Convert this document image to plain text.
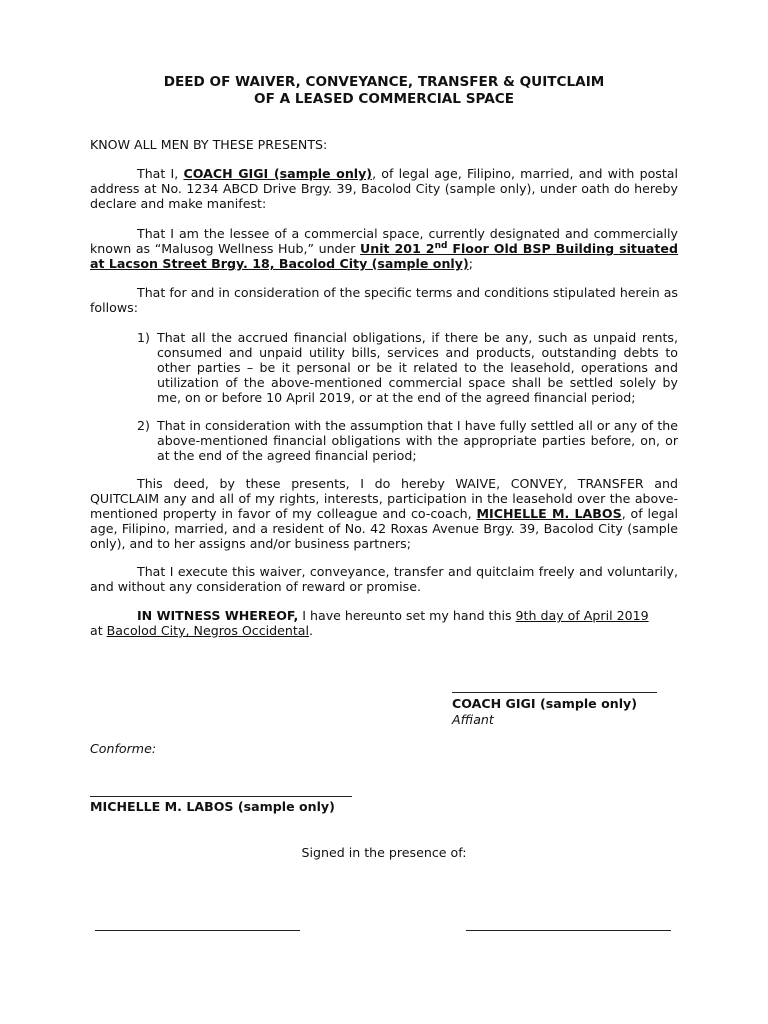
DEED OF WAIVER, CONVEYANCE, TRANSFER & QUITCLAIM
OF A LEASED COMMERCIAL SPACE
KNOW ALL MEN BY THESE PRESENTS:
That I, COACH GIGI (sample only), of legal age, Filipino, married, and with postal address at No. 1234 ABCD Drive Brgy. 39, Bacolod City (sample only), under oath do hereby declare and make manifest:
That I am the lessee of a commercial space, currently designated and commercially known as “Malusog Wellness Hub,” under Unit 201 2nd Floor Old BSP Building situated at Lacson Street Brgy. 18, Bacolod City (sample only);
That for and in consideration of the specific terms and conditions stipulated herein as follows:
1) That all the accrued financial obligations, if there be any, such as unpaid rents, consumed and unpaid utility bills, services and products, outstanding debts to other parties – be it personal or be it related to the leasehold, operations and utilization of the above-mentioned commercial space shall be settled solely by me, on or before 10 April 2019, or at the end of the agreed financial period;
2) That in consideration with the assumption that I have fully settled all or any of the above-mentioned financial obligations with the appropriate parties before, on, or at the end of the agreed financial period;
This deed, by these presents, I do hereby WAIVE, CONVEY, TRANSFER and QUITCLAIM any and all of my rights, interests, participation in the leasehold over the above-mentioned property in favor of my colleague and co-coach, MICHELLE M. LABOS, of legal age, Filipino, married, and a resident of No. 42 Roxas Avenue Brgy. 39, Bacolod City (sample only), and to her assigns and/or business partners;
That I execute this waiver, conveyance, transfer and quitclaim freely and voluntarily, and without any consideration of reward or promise.
IN WITNESS WHEREOF, I have hereunto set my hand this 9th day of April 2019
at Bacolod City, Negros Occidental.
COACH GIGI (sample only)
Affiant
Conforme:
MICHELLE M. LABOS (sample only)
Signed in the presence of:
